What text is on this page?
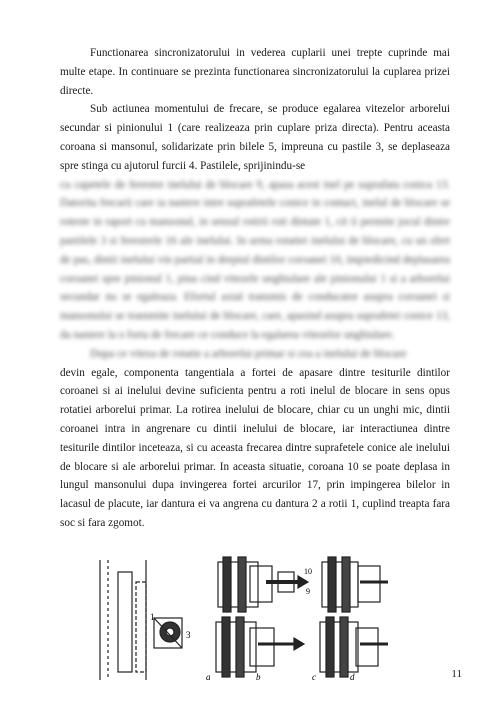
Functionarea sincronizatorului in vederea cuplarii unei trepte cuprinde mai multe etape. In continuare se prezinta functionarea sincronizatorului la cuplarea prizei directe.

Sub actiunea momentului de frecare, se produce egalarea vitezelor arborelui secundar si pinionului 1 (care realizeaza prin cuplare priza directa). Pentru aceasta coroana si mansonul, solidarizate prin bilele 5, impreuna cu pastile 3, se deplaseaza spre stinga cu ajutorul furcii 4. Pastilele, sprijinindu-se

cu capetele de fereotre inelului de blocare 9, apasa acest inel pe suprafata conica 13. Datorita frecarii care ia nastere intre suprafetele conice in contact, inelul de blocare se roteste in raport cu mansonul, in sensul rotirii roti dintate 1, cit ii permite jocul dintre pastilele 3 si ferestrele 16 ale inelului. In urma rotatiei inelului de blocare, cu un sfert de pas, dintii inelului vin partial in dreptul dintilor coroanei 10, impiedicind deplasarea coroanei spre pinionul 1, pina cind vitezele unghiulare ale pinionului 1 si a arborelui secundar nu se egaleaza. Efortul axial transmis de conducator asupra coroanei si mansonului se transmite inelului de blocare, care, apasind asupra suprafetei conice 13, da nastere la o forta de frecare ce conduce la egalarea vitezelor unghiulare.

Dupa ce viteza de rotatie a arborelui primar si cea a inelului de blocare

devin egale, componenta tangentiala a fortei de apasare dintre tesiturile dintilor coroanei si ai inelului devine suficienta pentru a roti inelul de blocare in sens opus rotatiei arborelui primar. La rotirea inelului de blocare, chiar cu un unghi mic, dintii coroanei intra in angrenare cu dintii inelului de blocare, iar interactiunea dintre tesiturile dintilor inceteaza, si cu aceasta frecarea dintre suprafetele conice ale inelului de blocare si ale arborelui primar. In aceasta situatie, coroana 10 se poate deplasa in lungul mansonului dupa invingerea fortei arcurilor 17, prin impingerea bilelor in lacasul de placute, iar dantura ei va angrena cu dantura 2 a rotii 1, cuplind treapta fara soc si fara zgomot.

1
3
10
9
b	d
a	c	11
